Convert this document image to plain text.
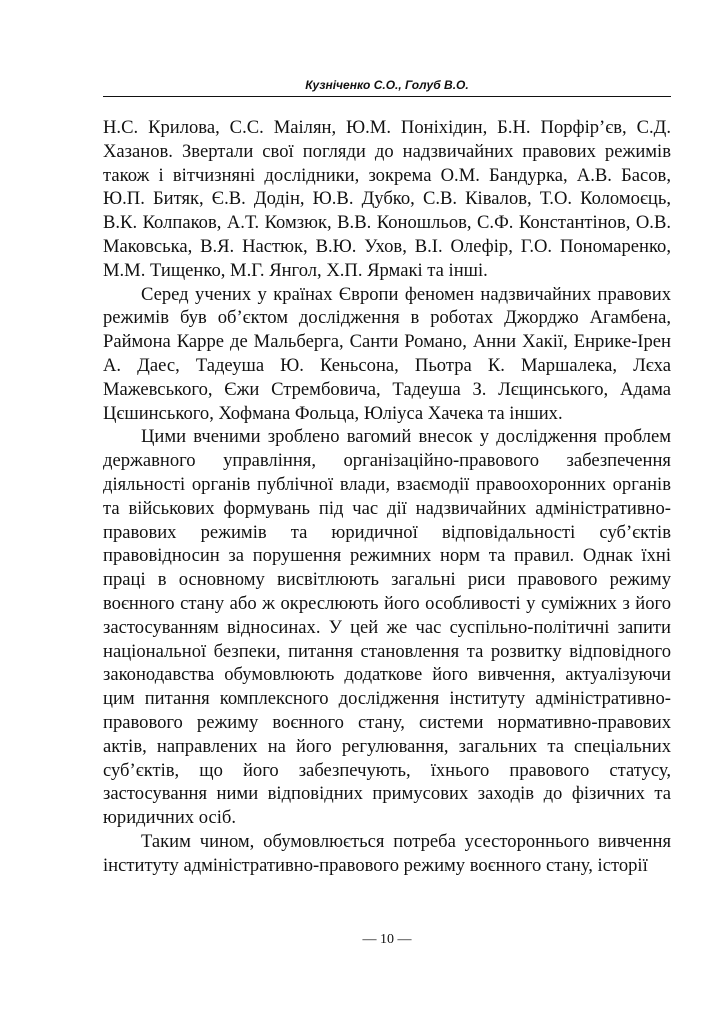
Кузніченко С.О., Голуб В.О.

Н.С. Крилова, С.С. Маілян, Ю.М. Поніхідин, Б.Н. Порфір’єв, С.Д. Хазанов. Звертали свої погляди до надзвичайних правових режимів також і вітчизняні дослідники, зокрема О.М. Бандурка, А.В. Басов, Ю.П. Битяк, Є.В. Додін, Ю.В. Дубко, С.В. Ківалов, Т.О. Коломоєць, В.К. Колпаков, А.Т. Комзюк, В.В. Коношльов, С.Ф. Константінов, О.В. Маковська, В.Я. Настюк, В.Ю. Ухов, В.І. Олефір, Г.О. Пономаренко, М.М. Тищенко, М.Г. Янгол, Х.П. Ярмакі та інші.

Серед учених у країнах Європи феномен надзвичайних правових режимів був об’єктом дослідження в роботах Джорджо Агамбена, Раймона Карре де Мальберга, Санти Романо, Анни Хакії, Енрике-Ірен А. Даес, Тадеуша Ю. Кеньсона, Пьотра К. Маршалека, Лєха Мажевського, Єжи Стрембовича, Тадеуша З. Лєщинського, Адама Цєшинського, Хофмана Фольца, Юліуса Хачека та інших.

Цими вченими зроблено вагомий внесок у дослідження проблем державного управління, організаційно-правового забезпечення діяльності органів публічної влади, взаємодії правоохоронних органів та військових формувань під час дії надзвичайних адміністративно-правових режимів та юридичної відповідальності суб’єктів правовідносин за порушення режимних норм та правил. Однак їхні праці в основному висвітлюють загальні риси правового режиму воєнного стану або ж окреслюють його особливості у суміжних з його застосуванням відносинах. У цей же час суспільно-політичні запити національної безпеки, питання становлення та розвитку відповідного законодавства обумовлюють додаткове його вивчення, актуалізуючи цим питання комплексного дослідження інституту адміністративно-правового режиму воєнного стану, системи нормативно-правових актів, направлених на його регулювання, загальних та спеціальних суб’єктів, що його забезпечують, їхнього правового статусу, застосування ними відповідних примусових заходів до фізичних та юридичних осіб.

Таким чином, обумовлюється потреба усестороннього вивчення інституту адміністративно-правового режиму воєнного стану, історії

— 10 —
